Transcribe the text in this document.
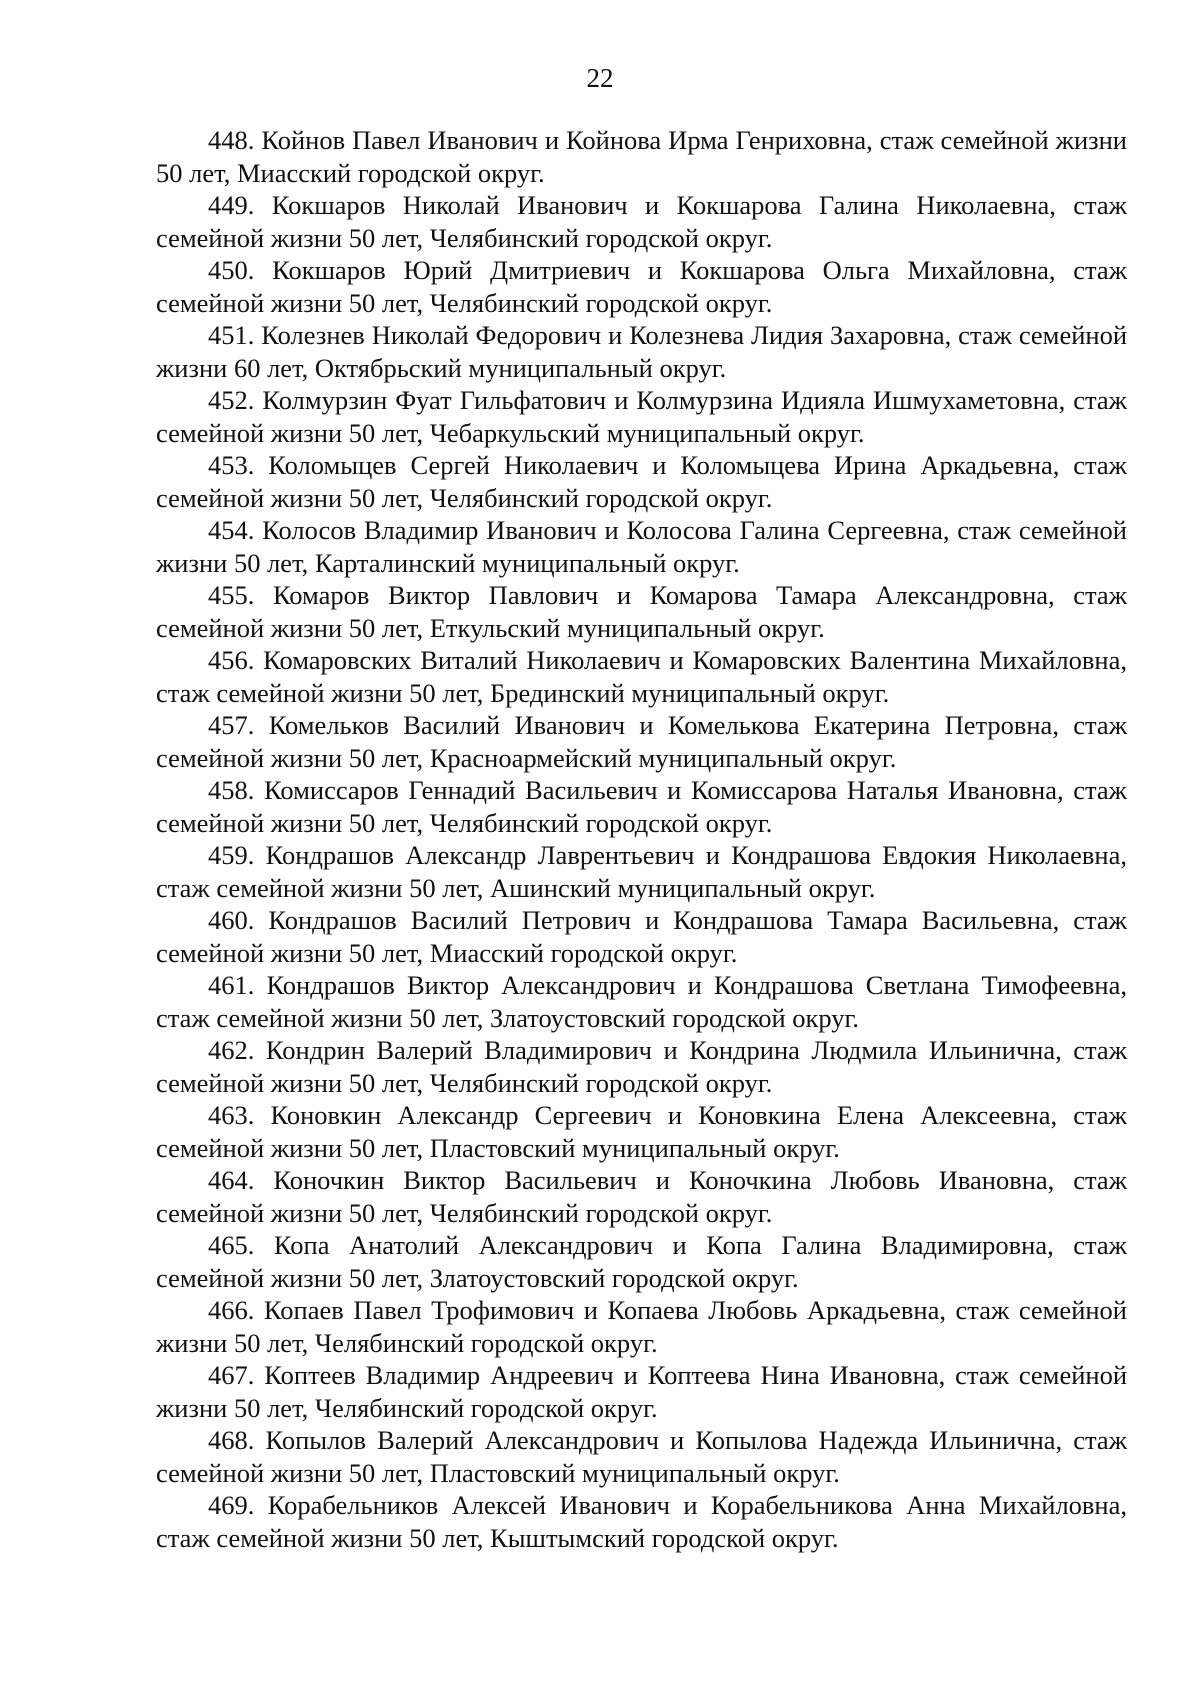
22

448. Койнов Павел Иванович и Койнова Ирма Генриховна, стаж семейной жизни 50 лет, Миасский городской округ.

449. Кокшаров Николай Иванович и Кокшарова Галина Николаевна, стаж семейной жизни 50 лет, Челябинский городской округ.

450. Кокшаров Юрий Дмитриевич и Кокшарова Ольга Михайловна, стаж семейной жизни 50 лет, Челябинский городской округ.

451. Колезнев Николай Федорович и Колезнева Лидия Захаровна, стаж семейной жизни 60 лет, Октябрьский муниципальный округ.

452. Колмурзин Фуат Гильфатович и Колмурзина Идияла Ишмухаметовна, стаж семейной жизни 50 лет, Чебаркульский муниципальный округ.

453. Коломыцев Сергей Николаевич и Коломыцева Ирина Аркадьевна, стаж семейной жизни 50 лет, Челябинский городской округ.

454. Колосов Владимир Иванович и Колосова Галина Сергеевна, стаж семейной жизни 50 лет, Карталинский муниципальный округ.

455. Комаров Виктор Павлович и Комарова Тамара Александровна, стаж семейной жизни 50 лет, Еткульский муниципальный округ.

456. Комаровских Виталий Николаевич и Комаровских Валентина Михайловна, стаж семейной жизни 50 лет, Брединский муниципальный округ.

457. Комельков Василий Иванович и Комелькова Екатерина Петровна, стаж семейной жизни 50 лет, Красноармейский муниципальный округ.

458. Комиссаров Геннадий Васильевич и Комиссарова Наталья Ивановна, стаж семейной жизни 50 лет, Челябинский городской округ.

459. Кондрашов Александр Лаврентьевич и Кондрашова Евдокия Николаевна, стаж семейной жизни 50 лет, Ашинский муниципальный округ.

460. Кондрашов Василий Петрович и Кондрашова Тамара Васильевна, стаж семейной жизни 50 лет, Миасский городской округ.

461. Кондрашов Виктор Александрович и Кондрашова Светлана Тимофеевна, стаж семейной жизни 50 лет, Златоустовский городской округ.

462. Кондрин Валерий Владимирович и Кондрина Людмила Ильинична, стаж семейной жизни 50 лет, Челябинский городской округ.

463. Коновкин Александр Сергеевич и Коновкина Елена Алексеевна, стаж семейной жизни 50 лет, Пластовский муниципальный округ.

464. Коночкин Виктор Васильевич и Коночкина Любовь Ивановна, стаж семейной жизни 50 лет, Челябинский городской округ.

465. Копа Анатолий Александрович и Копа Галина Владимировна, стаж семейной жизни 50 лет, Златоустовский городской округ.

466. Копаев Павел Трофимович и Копаева Любовь Аркадьевна, стаж семейной жизни 50 лет, Челябинский городской округ.

467. Коптеев Владимир Андреевич и Коптеева Нина Ивановна, стаж семейной жизни 50 лет, Челябинский городской округ.

468. Копылов Валерий Александрович и Копылова Надежда Ильинична, стаж семейной жизни 50 лет, Пластовский муниципальный округ.

469. Корабельников Алексей Иванович и Корабельникова Анна Михайловна, стаж семейной жизни 50 лет, Кыштымский городской округ.
